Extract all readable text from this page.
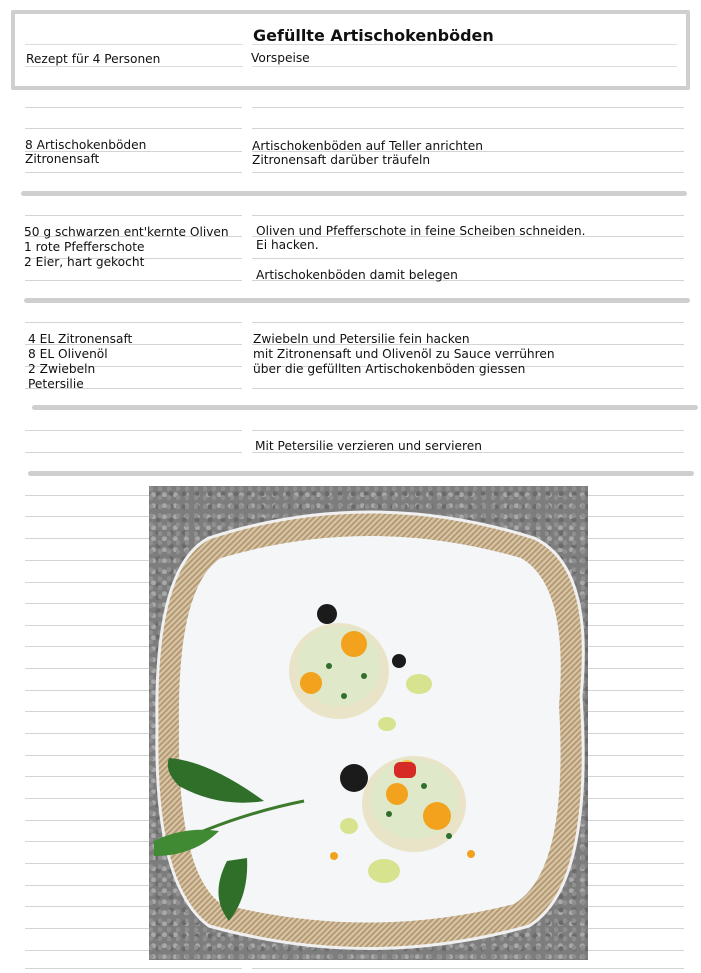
Gefüllte Artischokenböden
Rezept für 4 Personen	Vorspeise
8 Artischokenböden
Zitronensaft
Artischokenböden auf Teller anrichten
Zitronensaft darüber träufeln
50 g schwarzen ent'kernte Oliven
1 rote Pfefferschote
2 Eier, hart gekocht
Oliven und Pfefferschote in feine Scheiben schneiden.
Ei hacken.
Artischokenböden damit belegen
4 EL Zitronensaft
8 EL Olivenöl
2 Zwiebeln
Petersilie
Zwiebeln und Petersilie fein hacken
mit Zitronensaft und Olivenöl zu Sauce verrühren
über die gefüllten Artischokenböden giessen
Mit Petersilie verzieren und servieren
